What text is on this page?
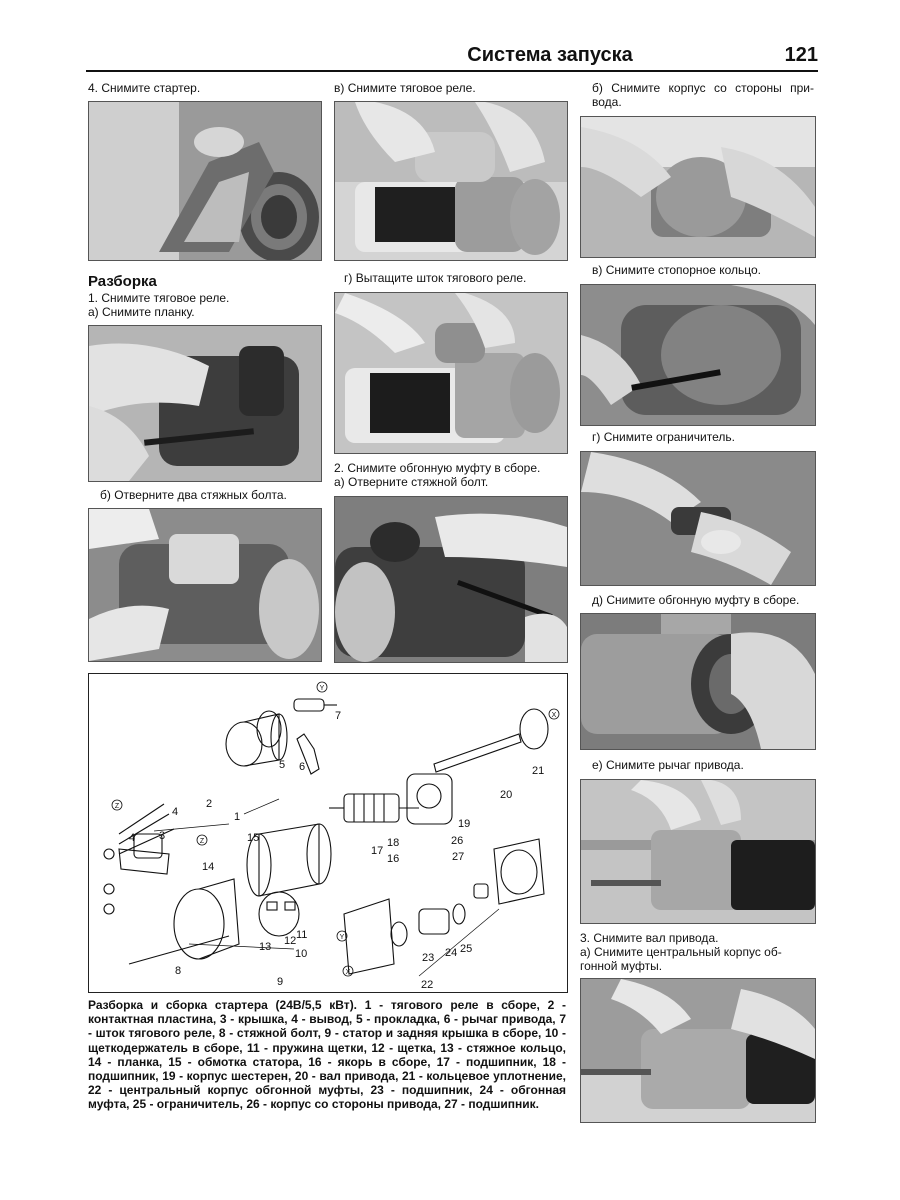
Система запуска	121
4. Снимите стартер.
Разборка
1. Снимите тяговое реле.
а) Снимите планку.
б) Отверните два стяжных болта.
в) Снимите тяговое реле.
г) Вытащите шток тягового реле.
2. Снимите обгонную муфту в сборе.
а) Отверните стяжной болт.
б) Снимите корпус со стороны при-
вода.
в) Снимите стопорное кольцо.
г) Снимите ограничитель.
д) Снимите обгонную муфту в сборе.
е) Снимите рычаг привода.
3. Снимите вал привода.
а) Снимите центральный корпус об-
гонной муфты.
1
2
3
4
4
5 6
7
8
9
10
11
12
13
14
15
16
17
18
19
20
21
22
23 24 25
26
27
Y
X
Z
Z
Y
X
Разборка и сборка стартера (24В/5,5 кВт). 1 - тягового реле в сборе, 2 - контактная пластина, 3 - крышка, 4 - вывод, 5 - прокладка, 6 - рычаг привода, 7 - шток тягового реле, 8 - стяжной болт, 9 - статор и задняя крышка в сборе, 10 - щеткодержатель в сборе, 11 - пружина щетки, 12 - щетка, 13 - стяжное кольцо, 14 - планка, 15 - обмотка статора, 16 - якорь в сборе, 17 - подшипник, 18 - подшипник, 19 - корпус шестерен, 20 - вал привода, 21 - кольцевое уплотнение, 22 - центральный корпус обгонной муфты, 23 - подшипник, 24 - обгонная муфта, 25 - ограничитель, 26 - корпус со стороны привода, 27 - подшипник.
